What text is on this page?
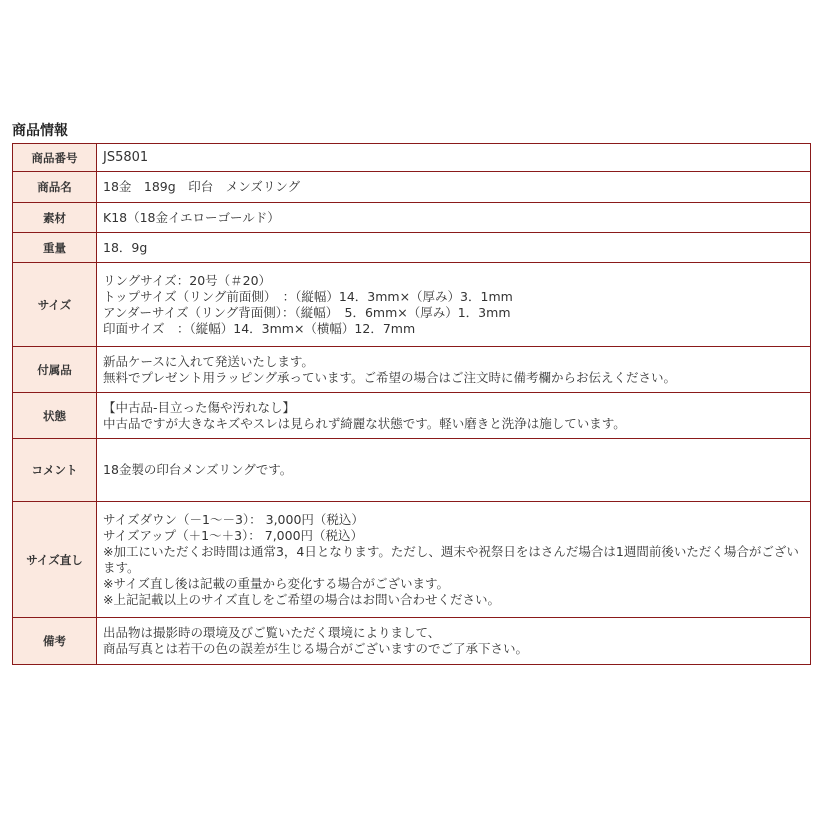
商品情報
商品番号	JS5801

商品名	18金　189g　印台　メンズリング

素材	K18（18金イエローゴールド）

重量	18．9g

サイズ	リングサイズ：20号（＃20）
トップサイズ（リング前面側）　：（縦幅）14．3mm×（厚み）3．1mm
アンダーサイズ（リング背面側）：（縦幅）　5．6mm×（厚み）1．3mm
印面サイズ　：（縦幅）14．3mm×（横幅）12．7mm

付属品	新品ケースに入れて発送いたします。
無料でプレゼント用ラッピング承っています。ご希望の場合はご注文時に備考欄からお伝えください。

状態	【中古品-目立った傷や汚れなし】
中古品ですが大きなキズやスレは見られず綺麗な状態です。軽い磨きと洗浄は施しています。

コメント	18金製の印台メンズリングです。

サイズ直し	サイズダウン（－1～－3）： 3,000円（税込）
サイズアップ（＋1～＋3）： 7,000円（税込）
※加工にいただくお時間は通常3，4日となります。ただし、週末や祝祭日をはさんだ場合は1週間前後いただく場合がございます。
※サイズ直し後は記載の重量から変化する場合がございます。
※上記記載以上のサイズ直しをご希望の場合はお問い合わせください。

備考	出品物は撮影時の環境及びご覧いただく環境によりまして、
商品写真とは若干の色の誤差が生じる場合がございますのでご了承下さい。
